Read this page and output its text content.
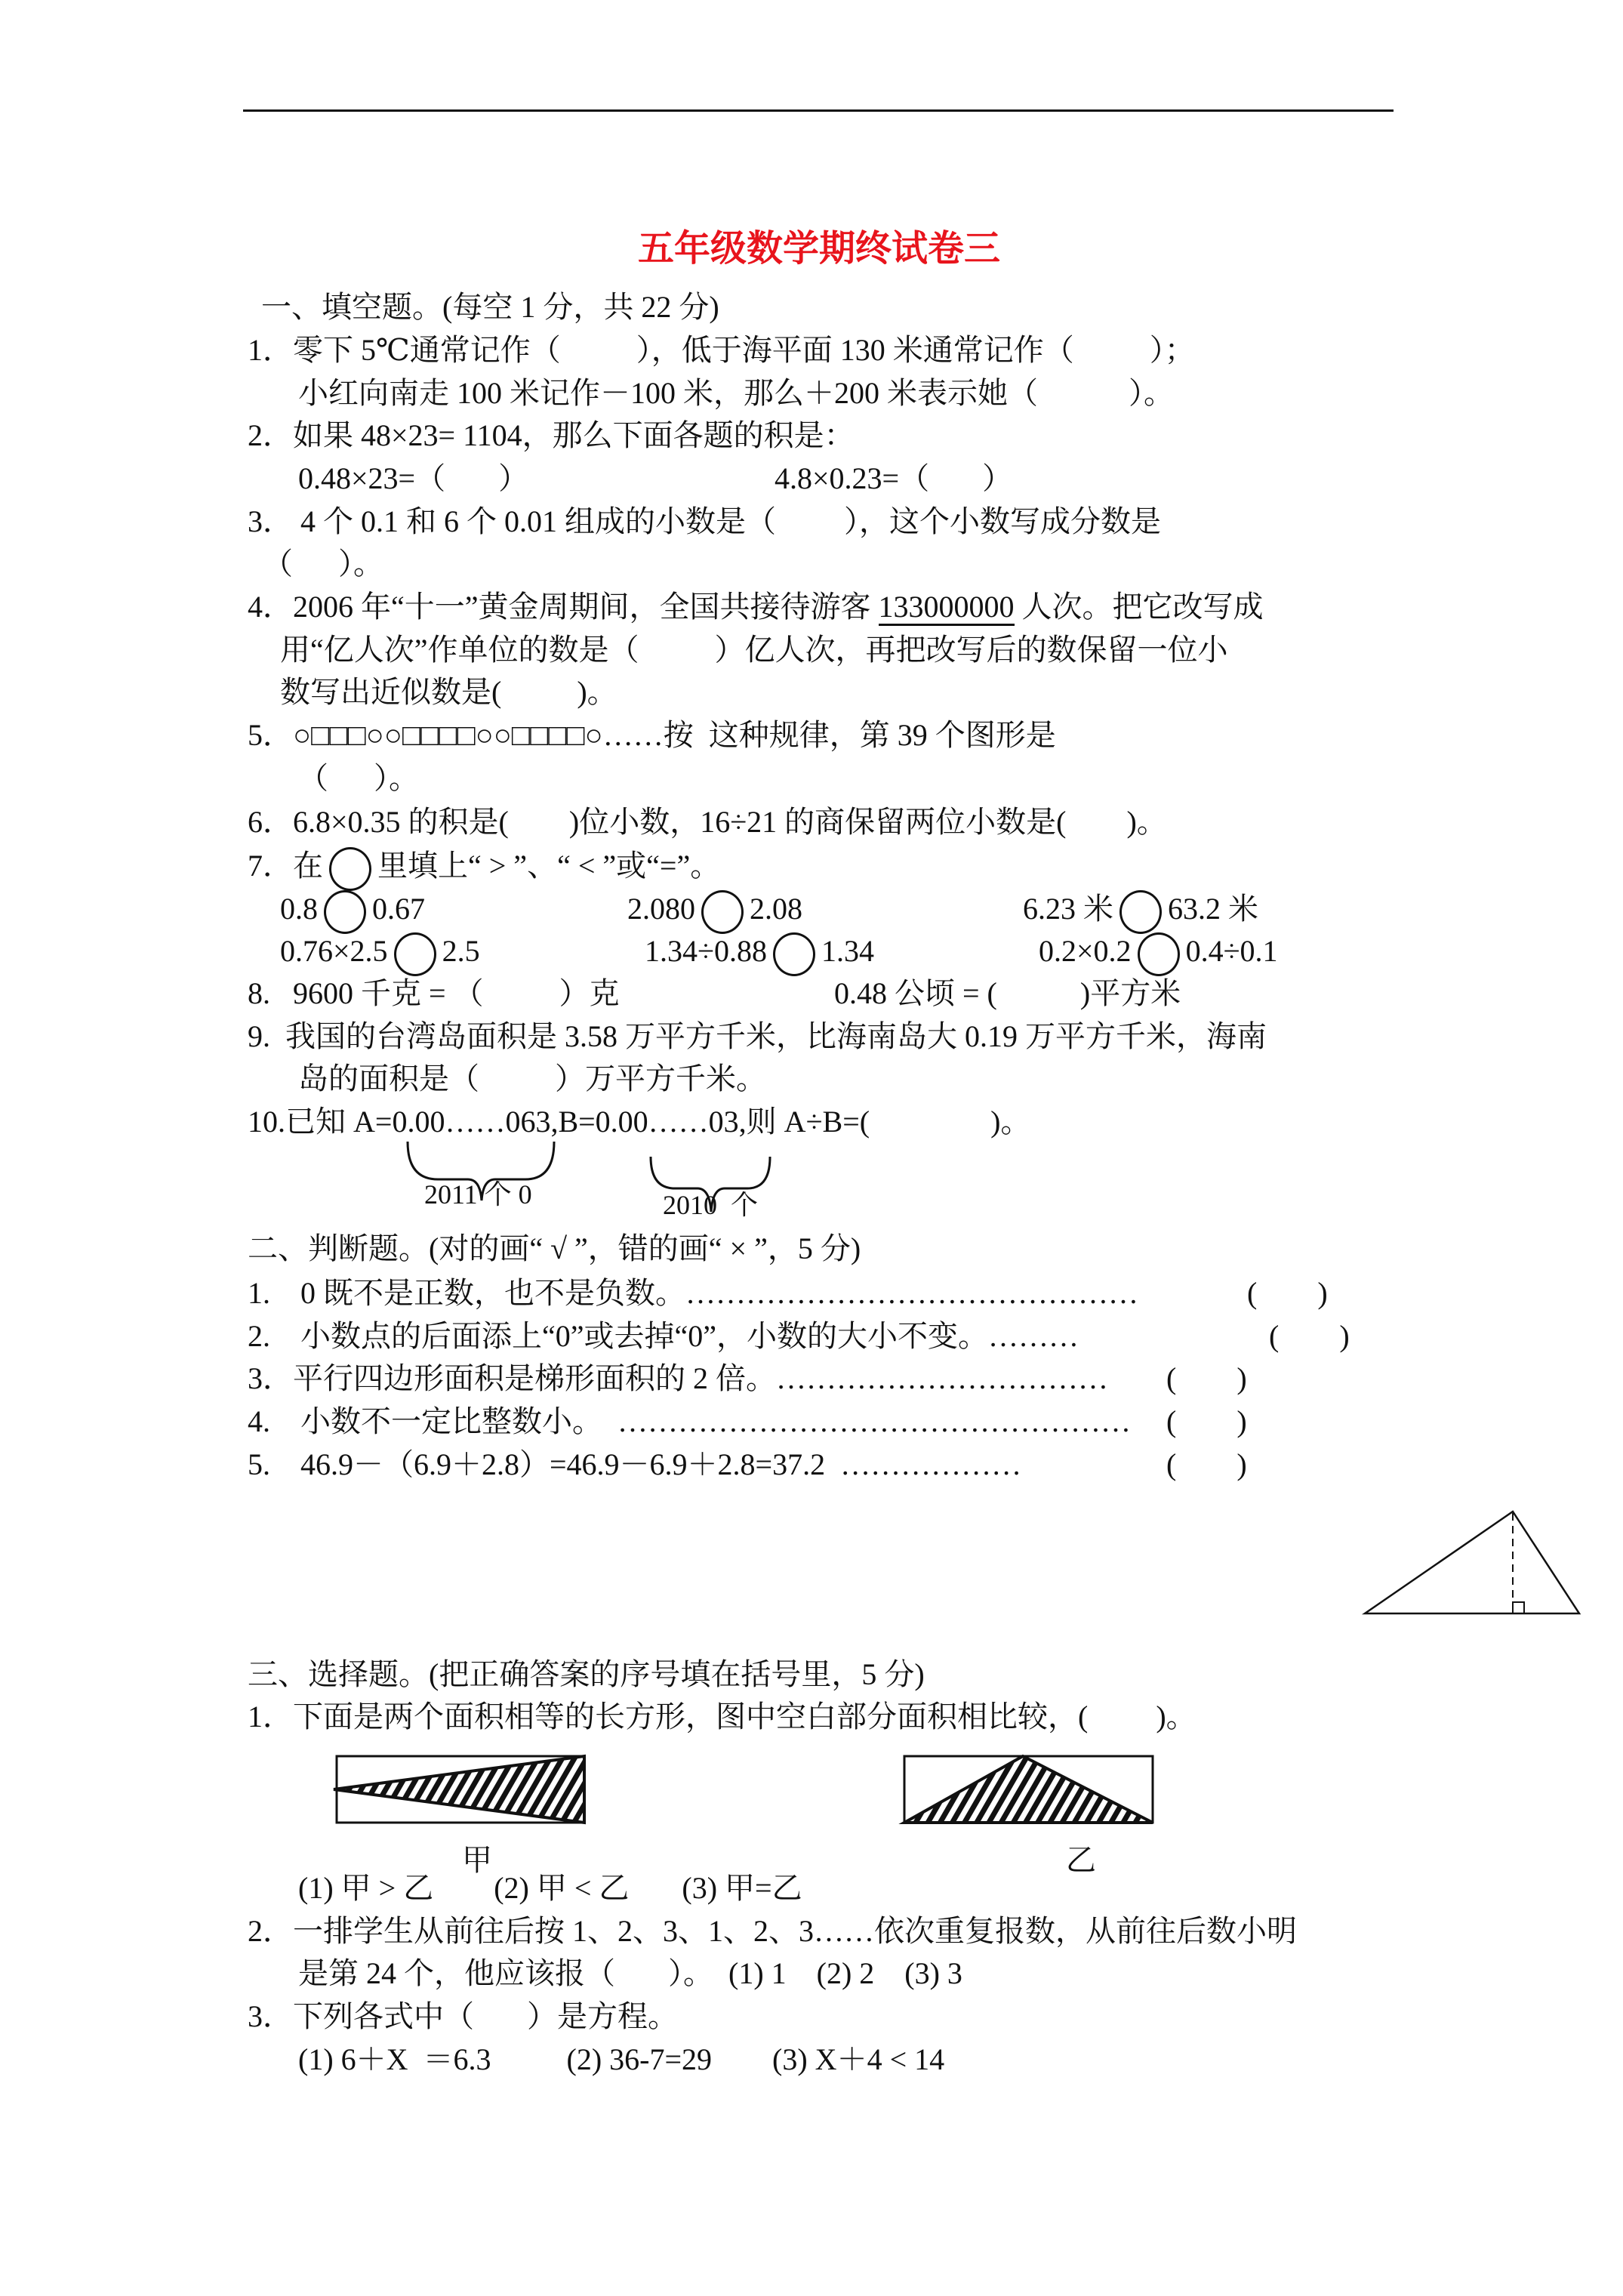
五年级数学期终试卷三
一、填空题。(每空 1 分，共 22 分)
1．零下 5℃通常记作（          ），低于海平面 130 米通常记作（          ）；
小红向南走 100 米记作－100 米，那么＋200 米表示她（            ）。
2．如果 48×23= 1104，那么下面各题的积是：
0.48×23=（       ）	4.8×0.23=（       ）
3． 4 个 0.1 和 6 个 0.01 组成的小数是（         ），这个小数写成分数是
（      ）。
4．2006 年“十一”黄金周期间，全国共接待游客 133000000 人次。把它改写成
用“亿人次”作单位的数是（          ）亿人次，再把改写后的数保留一位小
数写出近似数是(          )。
5．○□□□○○□□□□○○□□□□○……按  这种规律，第 39 个图形是
（      ）。
6．6.8×0.35 的积是(        )位小数，16÷21 的商保留两位小数是(        )。
7．在 里填上“ > ”、“ < ”或“=”。
0.8 0.67	2.080 2.08	6.23 米 63.2 米
0.76×2.5 2.5	1.34÷0.88 1.34	0.2×0.2 0.4÷0.1
8.   9600 千克 = （          ）克	0.48 公顷 = (           )平方米
9.  我国的台湾岛面积是 3.58 万平方千米，比海南岛大 0.19 万平方千米，海南
岛的面积是（          ）万平方千米。
10.已知 A=0.00……063,B=0.00……03,则 A÷B=(                )。
2011 个 0	2010  个
二、判断题。(对的画“ √ ”，错的画“ × ”，5 分)
1.    0 既不是正数，也不是负数。………………………………………	(        )
2.    小数点的后面添上“0”或去掉“0”，小数的大小不变。………	(        )
3．平行四边形面积是梯形面积的 2 倍。…………………………… (        )
4.    小数不一定比整数小。  …………………………………………… (        )
5.    46.9－（6.9＋2.8）=46.9－6.9＋2.8=37.2  ………………	(        )
三、选择题。(把正确答案的序号填在括号里，5 分)
1．下面是两个面积相等的长方形，图中空白部分面积相比较，(         )。
甲	乙
(1) 甲 > 乙        (2) 甲 < 乙       (3) 甲=乙
2．一排学生从前往后按 1、2、3、1、2、3……依次重复报数，从前往后数小明
是第 24 个，他应该报（       ）。  (1) 1    (2) 2    (3) 3
3．下列各式中（       ）是方程。
(1) 6＋X  ＝6.3          (2) 36-7=29        (3) X＋4 < 14
